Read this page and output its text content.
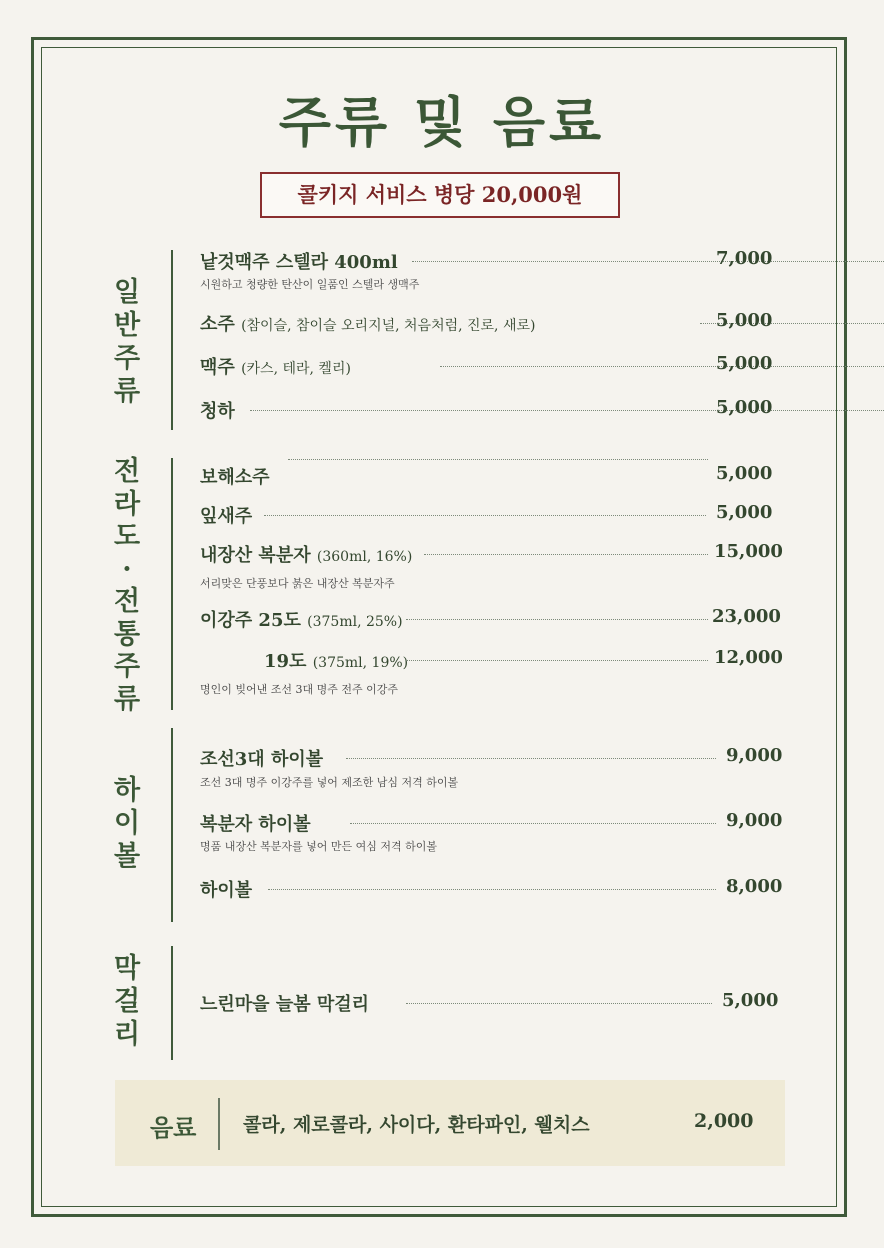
주류 및 음료
콜키지 서비스 병당 20,000원
일
반
주
류
낱것맥주 스텔라 400ml	7,000
시원하고 청량한 탄산이 일품인 스텔라 생맥주
소주 (참이슬, 참이슬 오리지널, 처음처럼, 진로, 새로)	5,000
맥주 (카스, 테라, 켈리)	5,000
청하	5,000
전
라
도
·
전
통
주
류
보해소주	5,000
잎새주	5,000
내장산 복분자 (360ml, 16%)	15,000
서리맞은 단풍보다 붉은 내장산 복분자주
이강주 25도 (375ml, 25%)	23,000
19도 (375ml, 19%)	12,000
명인이 빚어낸 조선 3대 명주 전주 이강주
하
이
볼
조선3대 하이볼	9,000
조선 3대 명주 이강주를 넣어 제조한 남심 저격 하이볼
복분자 하이볼	9,000
명품 내장산 복분자를 넣어 만든 여심 저격 하이볼
하이볼	8,000
막
걸
리
느린마을 늘봄 막걸리	5,000
음료 콜라, 제로콜라, 사이다, 환타파인, 웰치스	2,000
